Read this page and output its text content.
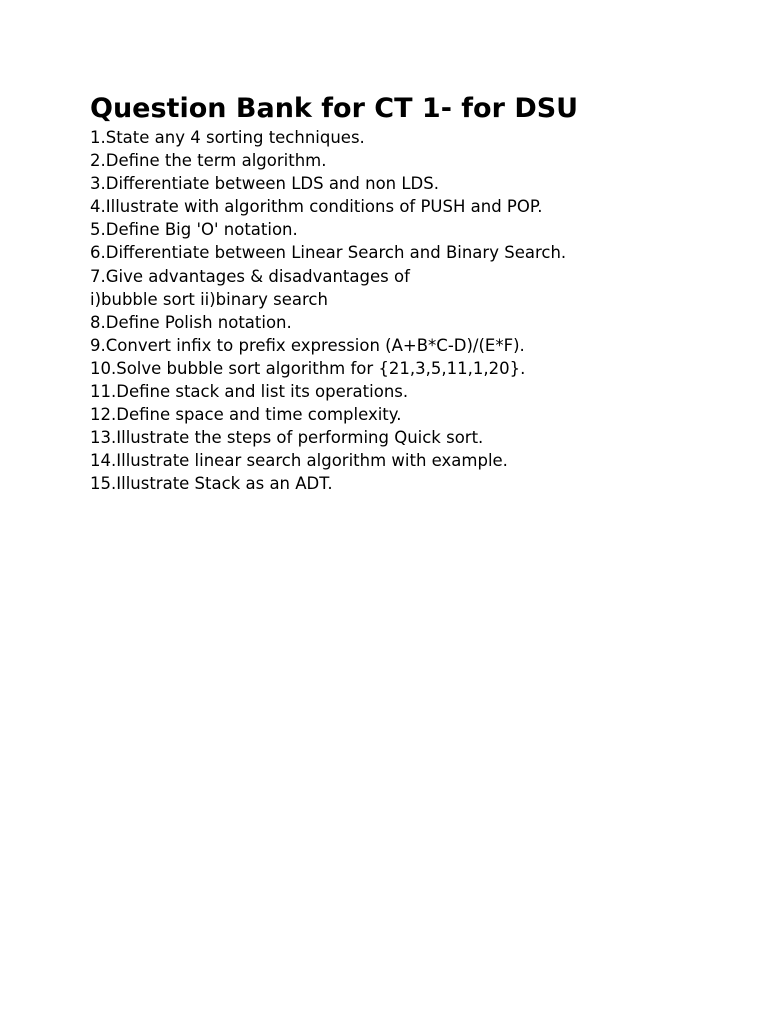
Question Bank for CT 1- for DSU
1.State any 4 sorting techniques.
2.Define the term algorithm.
3.Differentiate between LDS and non LDS.
4.Illustrate with algorithm conditions of PUSH and POP.
5.Define Big 'O' notation.
6.Differentiate between Linear Search and Binary Search.
7.Give advantages & disadvantages of
i)bubble sort ii)binary search
8.Define Polish notation.
9.Convert infix to prefix expression (A+B*C-D)/(E*F).
10.Solve bubble sort algorithm for {21,3,5,11,1,20}.
11.Define stack and list its operations.
12.Define space and time complexity.
13.Illustrate the steps of performing Quick sort.
14.Illustrate linear search algorithm with example.
15.Illustrate Stack as an ADT.
